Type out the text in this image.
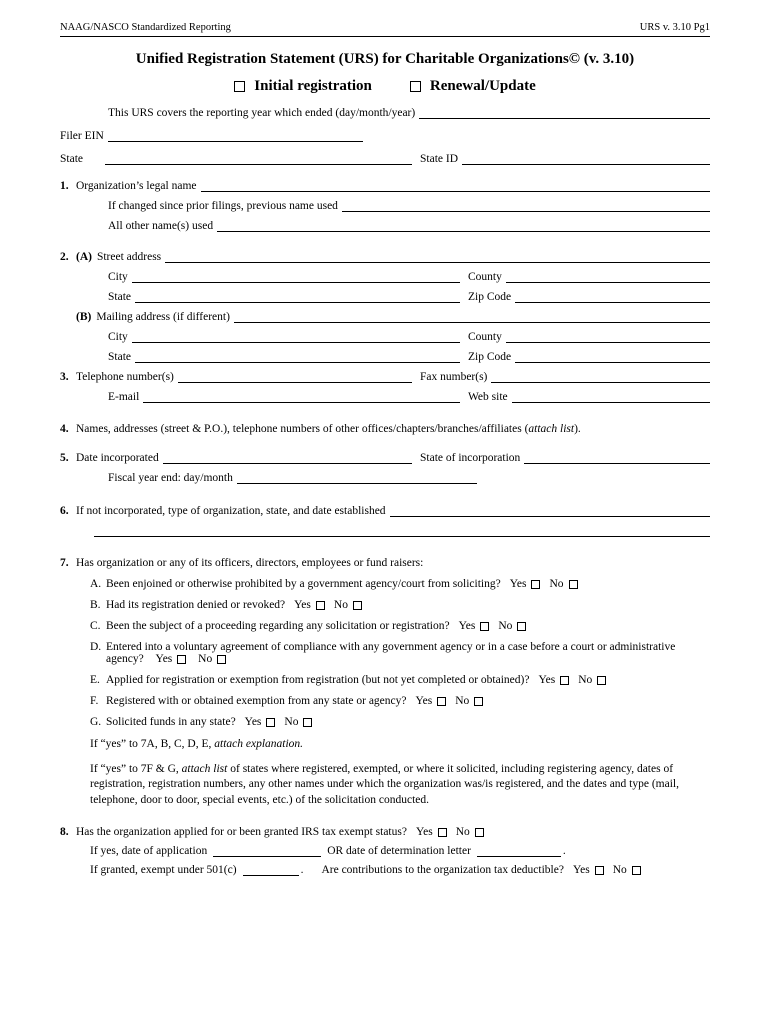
NAAG/NASCO Standardized Reporting	URS v. 3.10 Pg1
Unified Registration Statement (URS) for Charitable Organizations© (v. 3.10)
Initial registration	Renewal/Update
This URS covers the reporting year which ended (day/month/year)
Filer EIN
State	State ID
1. Organization’s legal name
If changed since prior filings, previous name used
All other name(s) used
2. (A) Street address
City	County
State	Zip Code
(B) Mailing address (if different)
City	County
State	Zip Code
3. Telephone number(s)	Fax number(s)
E-mail	Web site
4. Names, addresses (street & P.O.), telephone numbers of other offices/chapters/branches/affiliates (attach list).
5. Date incorporated	State of incorporation
Fiscal year end: day/month
6. If not incorporated, type of organization, state, and date established
7. Has organization or any of its officers, directors, employees or fund raisers:
A. Been enjoined or otherwise prohibited by a government agency/court from soliciting? Yes No
B. Had its registration denied or revoked? Yes No
C. Been the subject of a proceeding regarding any solicitation or registration? Yes No
D. Entered into a voluntary agreement of compliance with any government agency or in a case before a court or administrative agency? Yes
No
E. Applied for registration or exemption from registration (but not yet completed or obtained)? Yes No
F. Registered with or obtained exemption from any state or agency? Yes No
G. Solicited funds in any state? Yes No
If “yes” to 7A, B, C, D, E, attach explanation.
If “yes” to 7F & G, attach list of states where registered, exempted, or where it solicited, including registering agency, dates of registration, registration numbers, any other names under which the organization was/is registered, and the dates and type (mail, telephone, door to door, special events, etc.) of the solicitation conducted.
8. Has the organization applied for or been granted IRS tax exempt status? Yes No
If yes, date of application	OR date of determination letter	.
If granted, exempt under 501(c)	.	Are contributions to the organization tax deductible? Yes No
